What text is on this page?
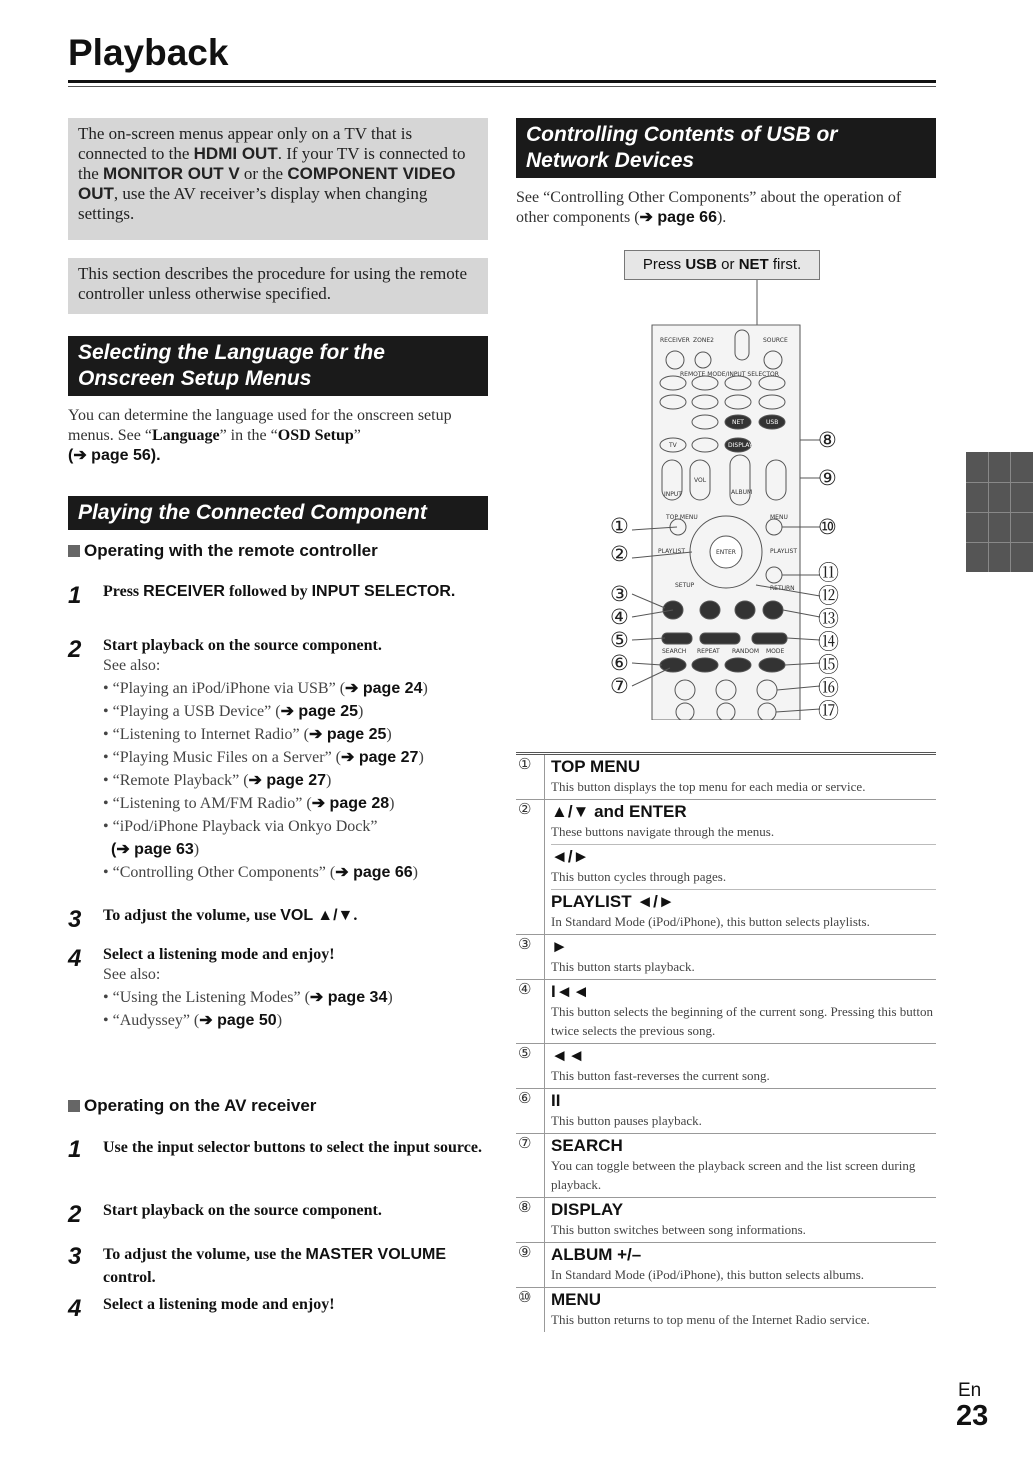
Playback
The on-screen menus appear only on a TV that is connected to the HDMI OUT. If your TV is connected to the MONITOR OUT V or the COMPONENT VIDEO OUT, use the AV receiver’s display when changing settings.
This section describes the procedure for using the remote controller unless otherwise specified.
Selecting the Language for the Onscreen Setup Menus
You can determine the language used for the onscreen setup menus. See “Language” in the “OSD Setup”
(➔ page 56).
Playing the Connected Component
Operating with the remote controller
1 Press RECEIVER followed by INPUT SELECTOR.
2 Start playback on the source component.
See also:
• “Playing an iPod/iPhone via USB” (➔ page 24)
• “Playing a USB Device” (➔ page 25)
• “Listening to Internet Radio” (➔ page 25)
• “Playing Music Files on a Server” (➔ page 27)
• “Remote Playback” (➔ page 27)
• “Listening to AM/FM Radio” (➔ page 28)
• “iPod/iPhone Playback via Onkyo Dock”
(➔ page 63)
• “Controlling Other Components” (➔ page 66)
3 To adjust the volume, use VOL ▲/▼.
4 Select a listening mode and enjoy!
See also:
• “Using the Listening Modes” (➔ page 34)
• “Audyssey” (➔ page 50)
Operating on the AV receiver
1 Use the input selector buttons to select the input source.
2 Start playback on the source component.
3 To adjust the volume, use the MASTER VOLUME control.
4 Select a listening mode and enjoy!
Controlling Contents of USB or Network Devices
See “Controlling Other Components” about the operation of other components (➔ page 66).
Press USB or NET first.
RECEIVER ZONE2	SOURCE
REMOTE MODE/INPUT SELECTOR
NET	USB
TV	DISPLAY
VOL
ALBUM
INPUT
TOP MENU	MENU
PLAYLIST	ENTER	PLAYLIST
SETUP	RETURN
SEARCH REPEAT RANDOM MODE
①
②
③
④
⑤
⑥
⑦
⑧
⑨
⑩
⑪
⑫
⑬
⑭
⑮
⑯
⑰
① TOP MENU
This button displays the top menu for each media or service.
② ▲/▼ and ENTER
These buttons navigate through the menus.
◄/►
This button cycles through pages.
PLAYLIST ◄/►
In Standard Mode (iPod/iPhone), this button selects playlists.
③ ►
This button starts playback.
④ I◄◄
This button selects the beginning of the current song. Pressing this button twice selects the previous song.
⑤ ◄◄
This button fast-reverses the current song.
⑥ II
This button pauses playback.
⑦ SEARCH
You can toggle between the playback screen and the list screen during playback.
⑧ DISPLAY
This button switches between song informations.
⑨ ALBUM +/–
In Standard Mode (iPod/iPhone), this button selects albums.
⑩ MENU
This button returns to top menu of the Internet Radio service.
En
23
